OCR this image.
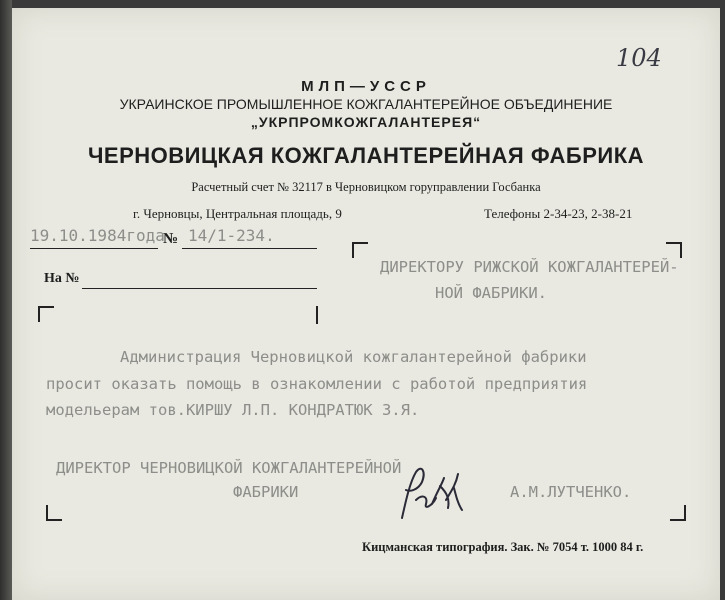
104
МЛП—УССР
УКРАИНСКОЕ ПРОМЫШЛЕННОЕ КОЖГАЛАНТЕРЕЙНОЕ ОБЪЕДИНЕНИЕ
„УКРПРОМКОЖГАЛАНТЕРЕЯ“
ЧЕРНОВИЦКАЯ КОЖГАЛАНТЕРЕЙНАЯ ФАБРИКА
Расчетный счет № 32117 в Черновицком горуправлении Госбанка
г. Черновцы, Центральная площадь, 9	Телефоны 2-34-23, 2-38-21
19.10.1984года
№ 14/1-234.
На №
ДИРЕКТОРУ РИЖСКОЙ КОЖГАЛАНТЕРЕЙ-
НОЙ ФАБРИКИ.
Администрация Черновицкой кожгалантерейной фабрики
просит оказать помощь в ознакомлении с работой предприятия
модельерам тов.КИРШУ Л.П. КОНДРАТЮК З.Я.
ДИРЕКТОР ЧЕРНОВИЦКОЙ КОЖГАЛАНТЕРЕЙНОЙ
ФАБРИКИ	А.М.ЛУТЧЕНКО.
Кицманская типография. Зак. № 7054 т. 1000 84 г.
